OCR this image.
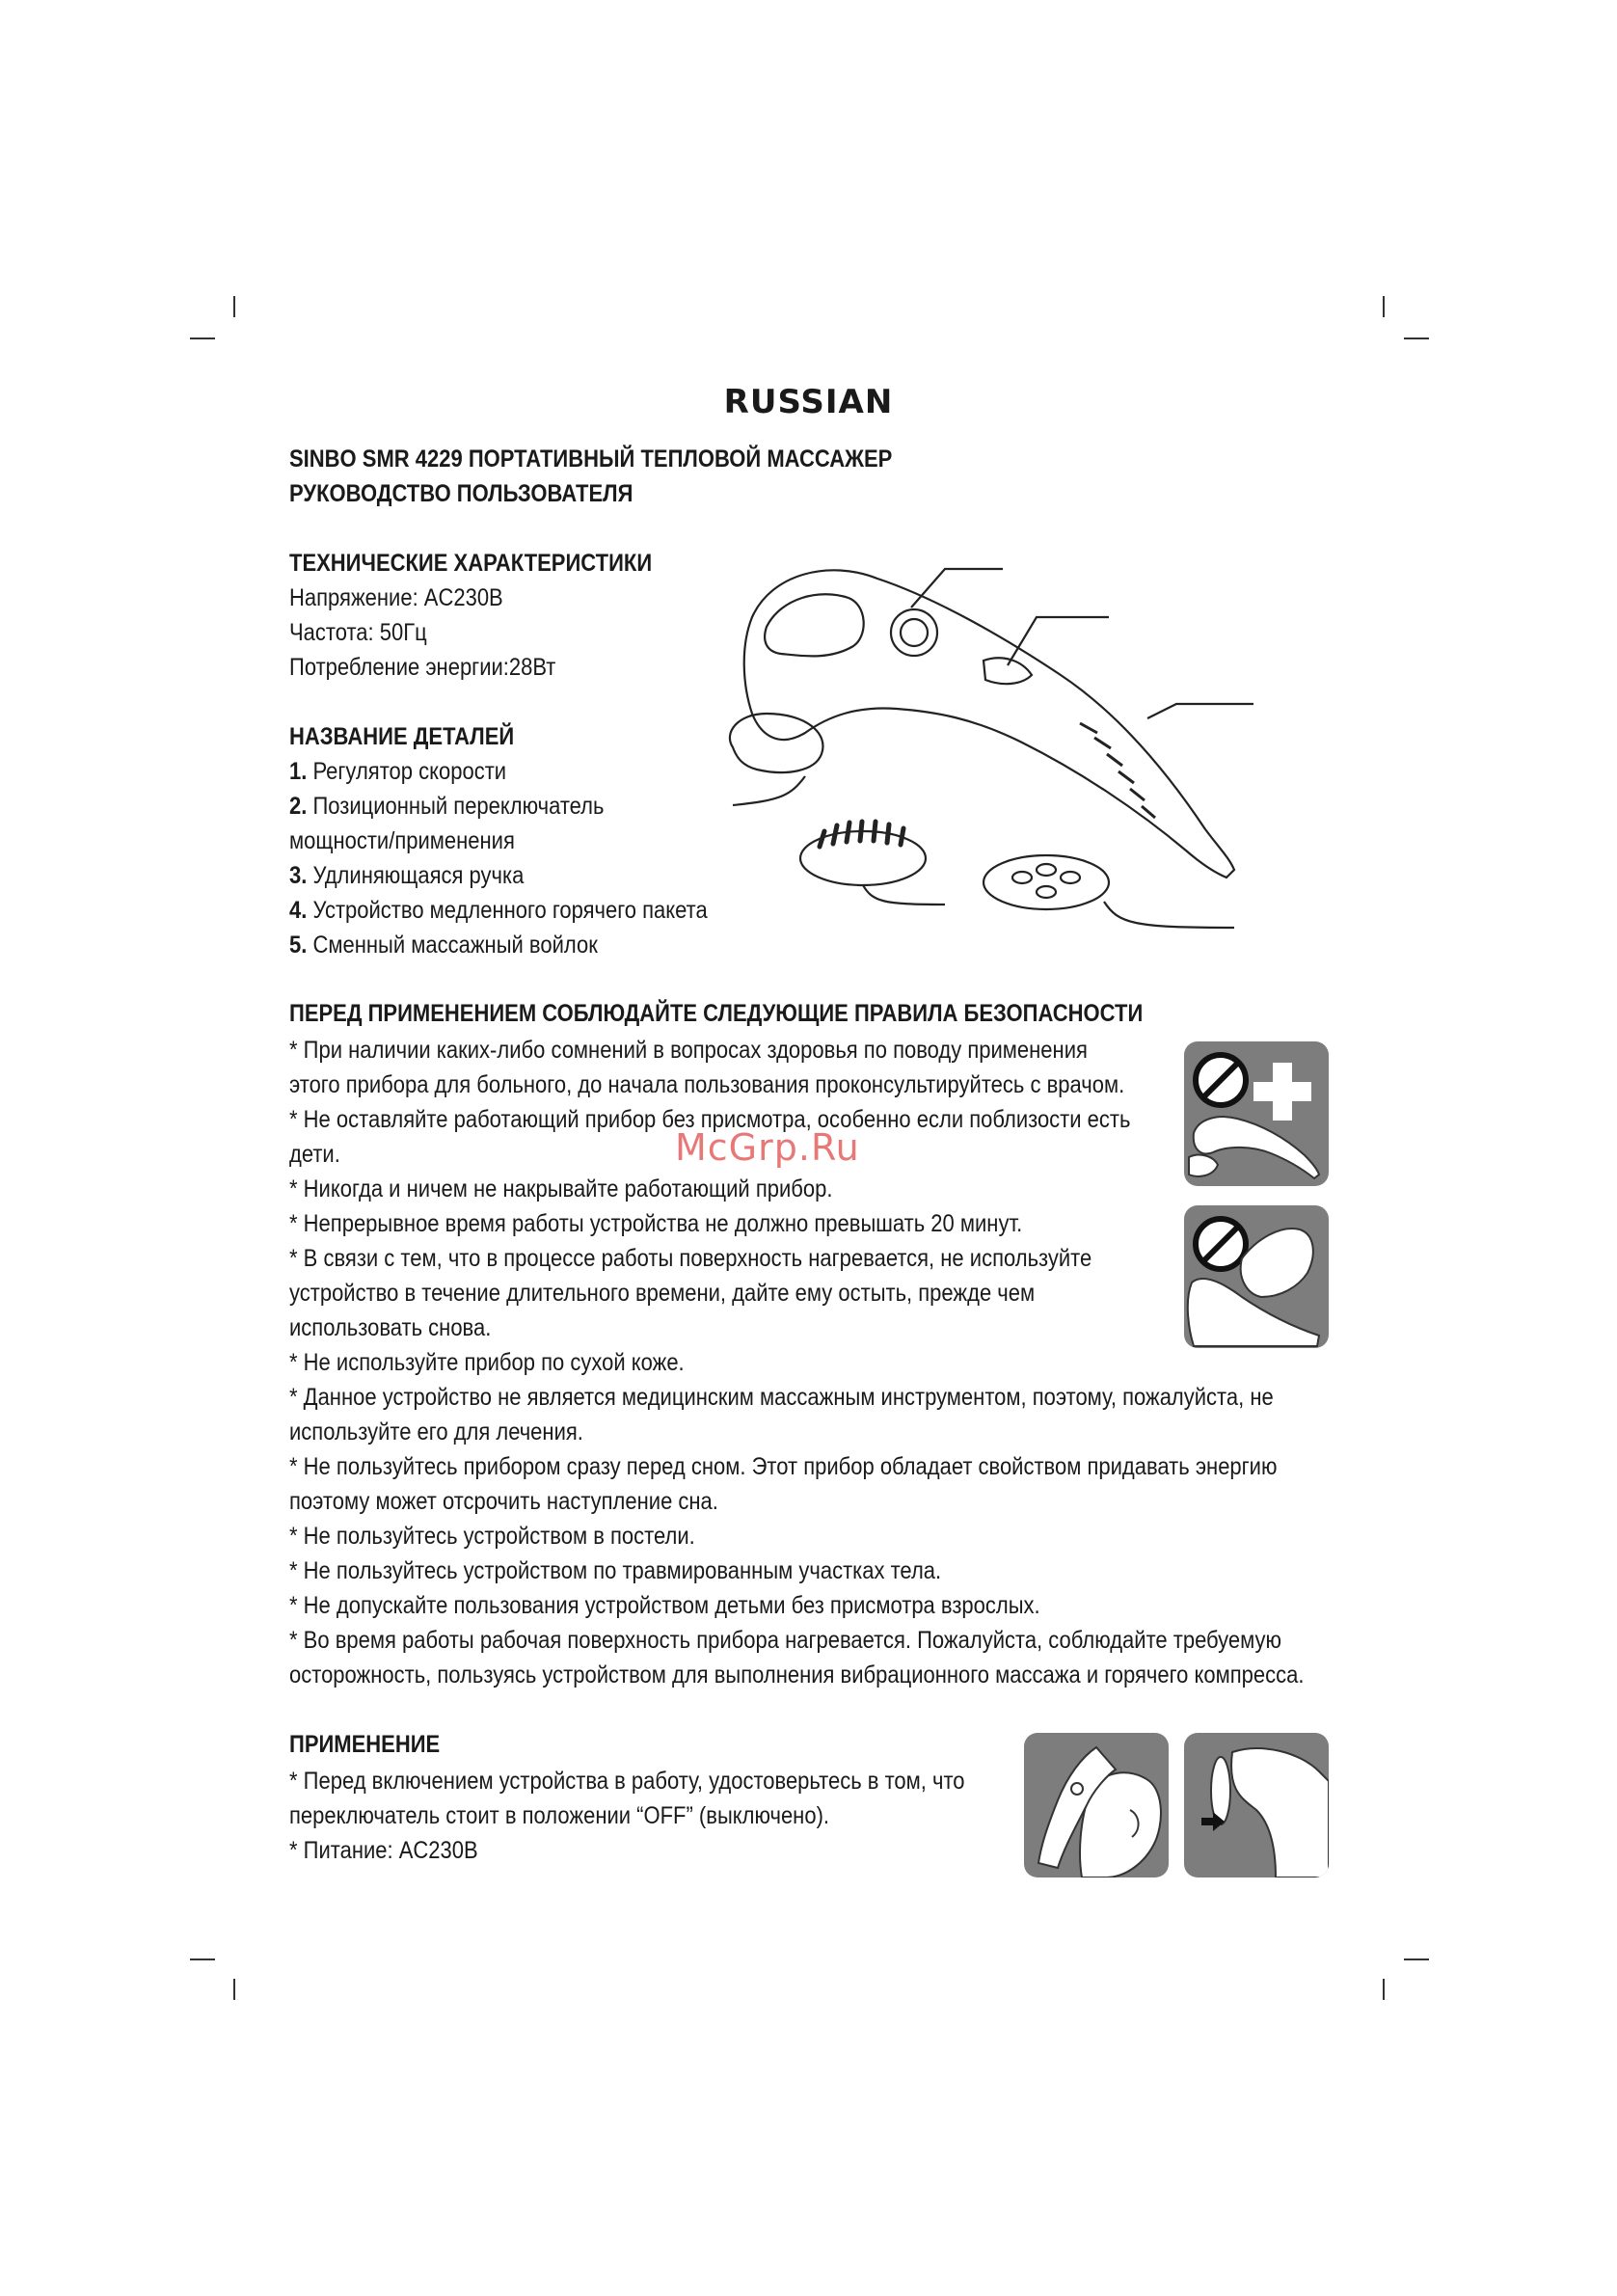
RUSSIAN
SINBO SMR 4229 ПОРТАТИВНЫЙ ТЕПЛОВОЙ МАССАЖЕР
РУКОВОДСТВО ПОЛЬЗОВАТЕЛЯ
ТЕХНИЧЕСКИЕ ХАРАКТЕРИСТИКИ
Напряжение: AC230В
Частота: 50Гц
Потребление энергии:28Вт
НАЗВАНИЕ ДЕТАЛЕЙ
1. Регулятор скорости
2. Позиционный переключатель
мощности/применения
3. Удлиняющаяся ручка
4. Устройство медленного горячего пакета
5. Сменный массажный войлок
ПЕРЕД ПРИМЕНЕНИЕМ СОБЛЮДАЙТЕ СЛЕДУЮЩИЕ ПРАВИЛА БЕЗОПАСНОСТИ
* При наличии каких-либо сомнений в вопросах здоровья по поводу применения
этого прибора для больного, до начала пользования проконсультируйтесь с врачом.
* Не оставляйте работающий прибор без присмотра, особенно если поблизости есть
дети.
* Никогда и ничем не накрывайте работающий прибор.
* Непрерывное время работы устройства не должно превышать 20 минут.
* В связи с тем, что в процессе работы поверхность нагревается, не используйте
устройство в течение длительного времени, дайте ему остыть, прежде чем
использовать снова.
* Не используйте прибор по сухой коже.
* Данное устройство не является медицинским массажным инструментом, поэтому, пожалуйста, не
используйте его для лечения.
* Не пользуйтесь прибором сразу перед сном. Этот прибор обладает свойством придавать энергию
поэтому может отсрочить наступление сна.
* Не пользуйтесь устройством в постели.
* Не пользуйтесь устройством по травмированным участках тела.
* Не допускайте пользования устройством детьми без присмотра взрослых.
* Во время работы рабочая поверхность прибора нагревается. Пожалуйста, соблюдайте требуемую
осторожность, пользуясь устройством для выполнения вибрационного массажа и горячего компресса.
McGrp.Ru
ПРИМЕНЕНИЕ
* Перед включением устройства в работу, удостоверьтесь в том, что
переключатель стоит в положении “OFF” (выключено).
* Питание: AC230В
